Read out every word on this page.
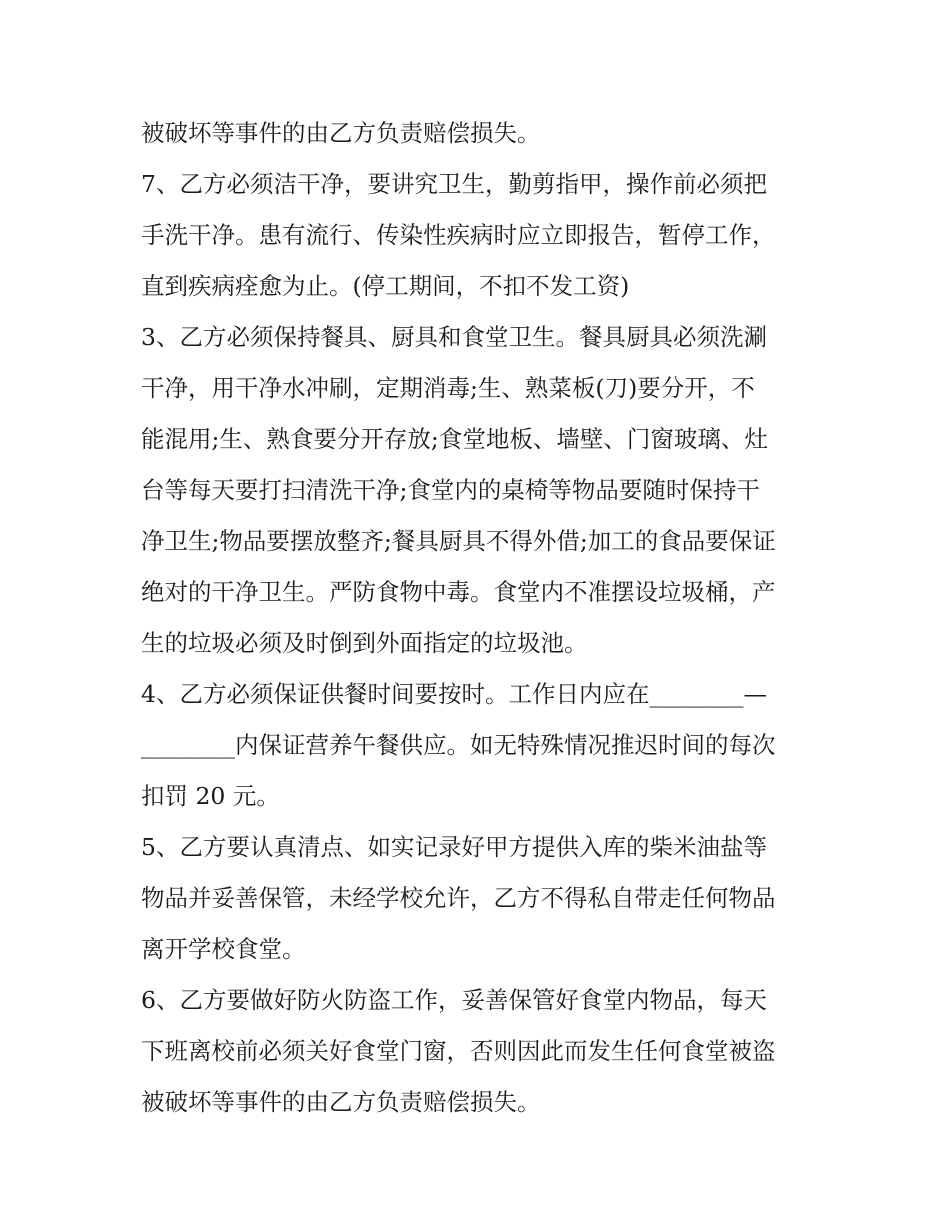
被破坏等事件的由乙方负责赔偿损失。
7、乙方必须洁干净，要讲究卫生，勤剪指甲，操作前必须把
手洗干净。患有流行、传染性疾病时应立即报告，暂停工作，
直到疾病痊愈为止。(停工期间，不扣不发工资)
3、乙方必须保持餐具、厨具和食堂卫生。餐具厨具必须洗涮
干净，用干净水冲刷，定期消毒;生、熟菜板(刀)要分开，不
能混用;生、熟食要分开存放;食堂地板、墙壁、门窗玻璃、灶
台等每天要打扫清洗干净;食堂内的桌椅等物品要随时保持干
净卫生;物品要摆放整齐;餐具厨具不得外借;加工的食品要保证
绝对的干净卫生。严防食物中毒。食堂内不准摆设垃圾桶，产
生的垃圾必须及时倒到外面指定的垃圾池。
4、乙方必须保证供餐时间要按时。工作日内应在________—
________内保证营养午餐供应。如无特殊情况推迟时间的每次
扣罚 20 元。
5、乙方要认真清点、如实记录好甲方提供入库的柴米油盐等
物品并妥善保管，未经学校允许，乙方不得私自带走任何物品
离开学校食堂。
6、乙方要做好防火防盗工作，妥善保管好食堂内物品，每天
下班离校前必须关好食堂门窗，否则因此而发生任何食堂被盗
被破坏等事件的由乙方负责赔偿损失。
